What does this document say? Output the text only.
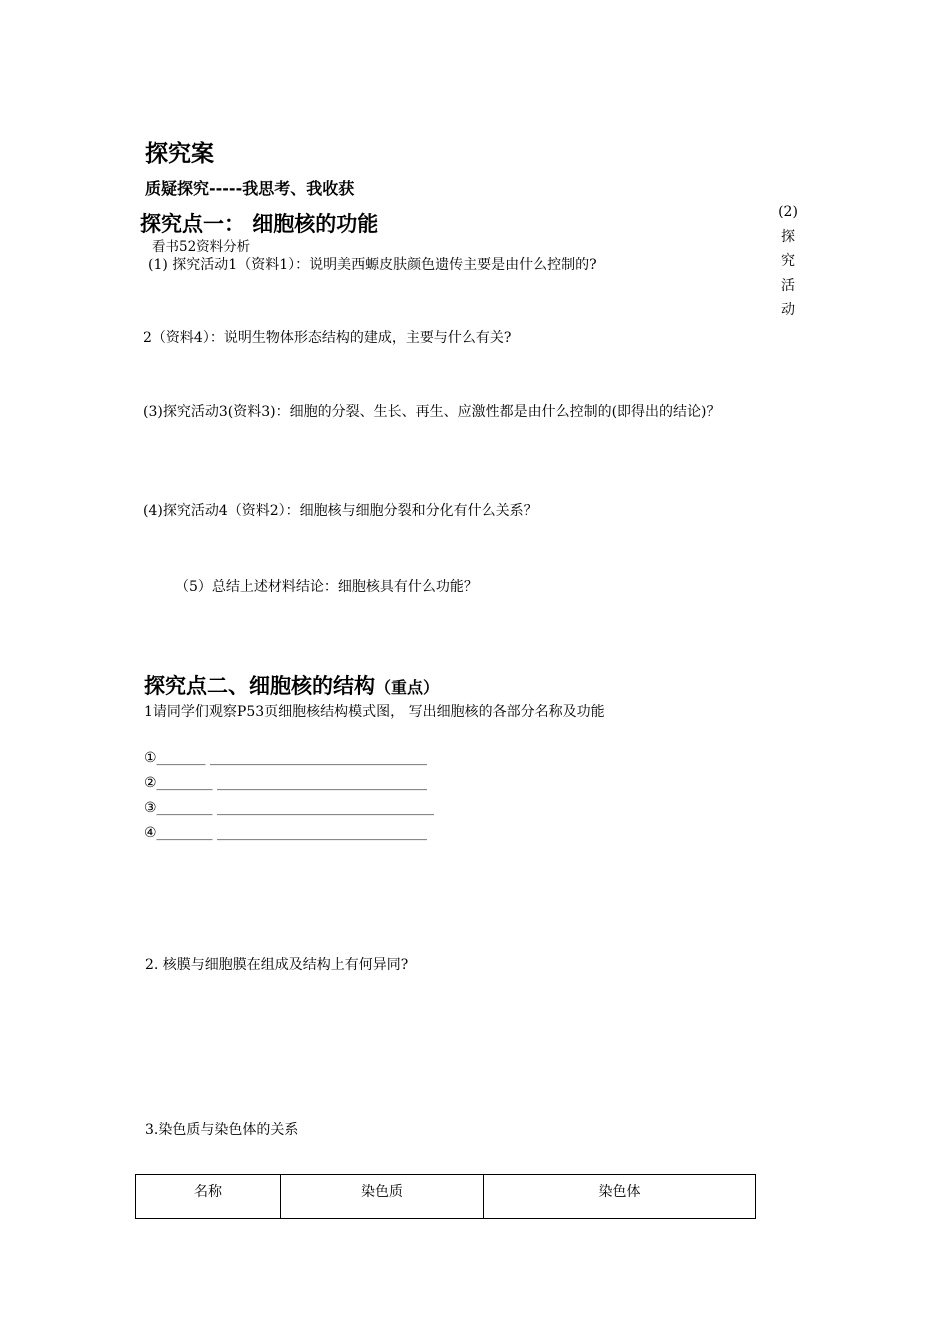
探究案
质疑探究-----我思考、我收获
探究点一： 细胞核的功能
看书52资料分析
(2)
探
究
活
动
(1) 探究活动1（资料1）：说明美西螈皮肤颜色遗传主要是由什么控制的?
2（资料4）：说明生物体形态结构的建成，主要与什么有关?
(3)探究活动3(资料3)：细胞的分裂、生长、再生、应激性都是由什么控制的(即得出的结论)？
(4)探究活动4（资料2）：细胞核与细胞分裂和分化有什么关系？
（5）总结上述材料结论：细胞核具有什么功能？
探究点二、细胞核的结构（重点）
1请同学们观察P53页细胞核结构模式图， 写出细胞核的各部分名称及功能
①_______ _______________________________
②________ ______________________________
③________ _______________________________
④________ ______________________________
2. 核膜与细胞膜在组成及结构上有何异同?
3.染色质与染色体的关系
名称	染色质	染色体
